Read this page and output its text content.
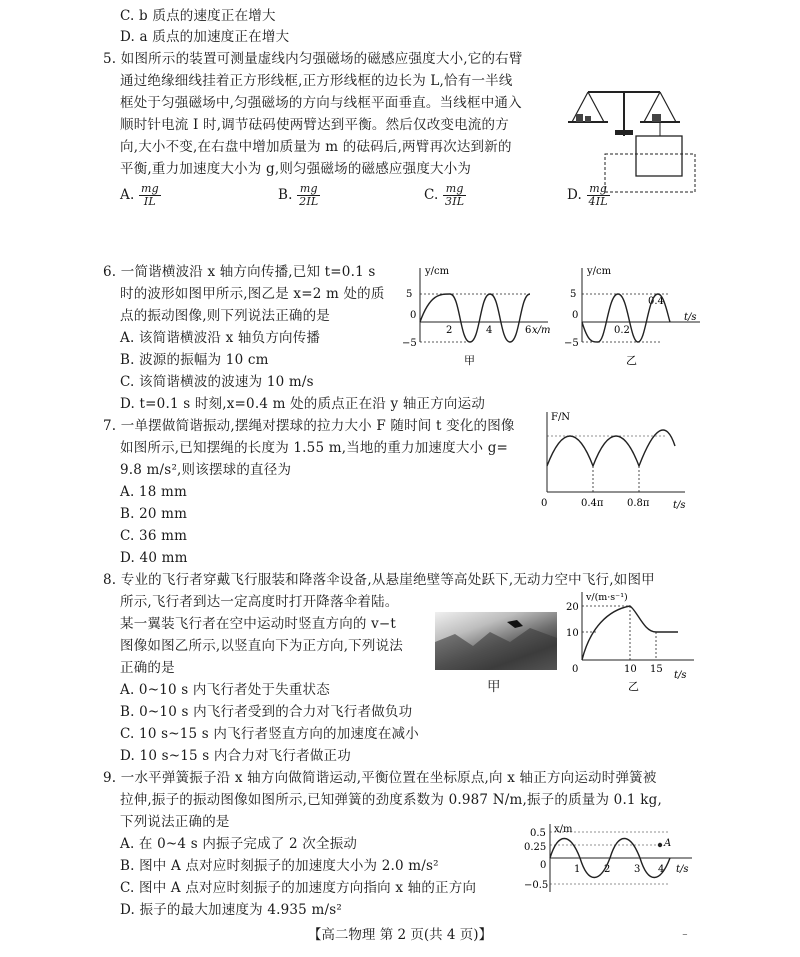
C. b 质点的速度正在增大
D. a 质点的加速度正在增大
5. 如图所示的装置可测量虚线内匀强磁场的磁感应强度大小,它的右臂
通过绝缘细线挂着正方形线框,正方形线框的边长为 L,恰有一半线
框处于匀强磁场中,匀强磁场的方向与线框平面垂直。当线框中通入
顺时针电流 I 时,调节砝码使两臂达到平衡。然后仅改变电流的方
向,大小不变,在右盘中增加质量为 m 的砝码后,两臂再次达到新的
平衡,重力加速度大小为 g,则匀强磁场的磁感应强度大小为
A. $\frac{mg}{IL}$	B. $\frac{mg}{2IL}$	C. $\frac{mg}{3IL}$	D. $\frac{mg}{4IL}$
6. 一简谐横波沿 x 轴方向传播,已知 t=0.1 s
时的波形如图甲所示,图乙是 x=2 m 处的质
点的振动图像,则下列说法正确的是
A. 该简谐横波沿 x 轴负方向传播
B. 波源的振幅为 10 cm
C. 该简谐横波的波速为 10 m/s
D. t=0.1 s 时刻,x=0.4 m 处的质点正在沿 y 轴正方向运动
7. 一单摆做简谐振动,摆绳对摆球的拉力大小 F 随时间 t 变化的图像
如图所示,已知摆绳的长度为 1.55 m,当地的重力加速度大小 g=
9.8 m/s²,则该摆球的直径为
A. 18 mm
B. 20 mm
C. 36 mm
D. 40 mm
8. 专业的飞行者穿戴飞行服装和降落伞设备,从悬崖绝壁等高处跃下,无动力空中飞行,如图甲
所示,飞行者到达一定高度时打开降落伞着陆。
某一翼装飞行者在空中运动时竖直方向的 v−t
图像如图乙所示,以竖直向下为正方向,下列说法
正确的是
A. 0~10 s 内飞行者处于失重状态
B. 0~10 s 内飞行者受到的合力对飞行者做负功
C. 10 s~15 s 内飞行者竖直方向的加速度在减小
D. 10 s~15 s 内合力对飞行者做正功
9. 一水平弹簧振子沿 x 轴方向做简谐运动,平衡位置在坐标原点,向 x 轴正方向运动时弹簧被
拉伸,振子的振动图像如图所示,已知弹簧的劲度系数为 0.987 N/m,振子的质量为 0.1 kg,
下列说法正确的是
A. 在 0~4 s 内振子完成了 2 次全振动
B. 图中 A 点对应时刻振子的加速度大小为 2.0 m/s²
C. 图中 A 点对应时刻振子的加速度方向指向 x 轴的正方向
D. 振子的最大加速度为 4.935 m/s²
y/cm
x/m
5
0
−5
2	4	6
甲
y/cm
t/s
5
0
−5
0.2
0.4
乙
F/N
t/s
0	0.4π 0.8π
甲
v/(m·s⁻¹)
t/s
20
10
0	10 15
乙
x/m
t/s
0.5
0.25
0
−0.5
1 2 3 4
A
【高二物理 第 2 页(共 4 页)】	⁻
